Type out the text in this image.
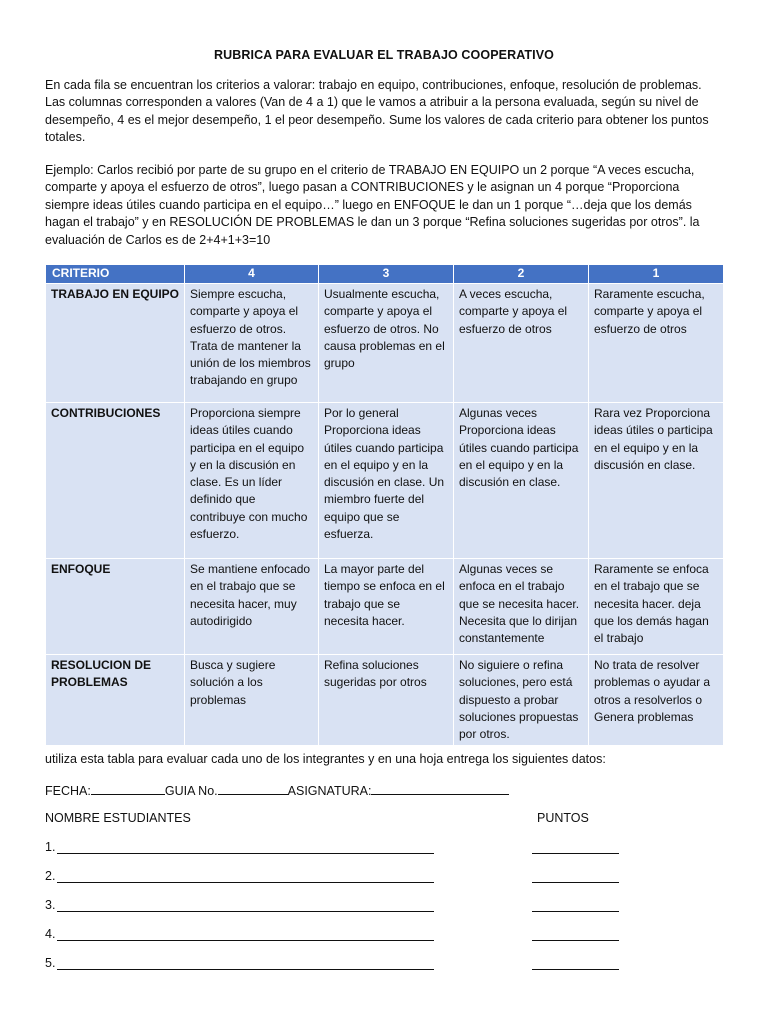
RUBRICA PARA EVALUAR EL TRABAJO COOPERATIVO
En cada fila se encuentran los criterios a valorar: trabajo en equipo, contribuciones, enfoque, resolución de problemas. Las columnas corresponden a valores (Van de 4 a 1) que le vamos a atribuir a la persona evaluada, según su nivel de desempeño, 4 es el mejor desempeño, 1 el peor desempeño. Sume los valores de cada criterio para obtener los puntos totales.
Ejemplo: Carlos recibió por parte de su grupo en el criterio de TRABAJO EN EQUIPO un 2 porque “A veces escucha, comparte y apoya el esfuerzo de otros”, luego pasan a CONTRIBUCIONES y le asignan un 4 porque “Proporciona siempre ideas útiles cuando participa en el equipo…” luego en ENFOQUE le dan un 1 porque “…deja que los demás hagan el trabajo” y en RESOLUCIÓN DE PROBLEMAS le dan un 3 porque “Refina soluciones sugeridas por otros”. la evaluación de Carlos es de 2+4+1+3=10
CRITERIO	4	3	2	1
TRABAJO EN EQUIPO	Siempre escucha, comparte y apoya el esfuerzo de otros. Trata de mantener la unión de los miembros trabajando en grupo	Usualmente escucha, comparte y apoya el esfuerzo de otros. No causa problemas en el grupo	A veces escucha, comparte y apoya el esfuerzo de otros	Raramente escucha, comparte y apoya el esfuerzo de otros
CONTRIBUCIONES	Proporciona siempre ideas útiles cuando participa en el equipo y en la discusión en clase. Es un líder definido que contribuye con mucho esfuerzo.	Por lo general Proporciona ideas útiles cuando participa en el equipo y en la discusión en clase. Un miembro fuerte del equipo que se esfuerza.	Algunas veces Proporciona ideas útiles cuando participa en el equipo y en la discusión en clase.	Rara vez Proporciona ideas útiles o participa en el equipo y en la discusión en clase.
ENFOQUE	Se mantiene enfocado en el trabajo que se necesita hacer, muy autodirigido	La mayor parte del tiempo se enfoca en el trabajo que se necesita hacer.	Algunas veces se enfoca en el trabajo que se necesita hacer. Necesita que lo dirijan constantemente	Raramente se enfoca en el trabajo que se necesita hacer. deja que los demás hagan el trabajo
RESOLUCION DE PROBLEMAS	Busca y sugiere solución a los problemas	Refina soluciones sugeridas por otros	No siguiere o refina soluciones, pero está dispuesto a probar soluciones propuestas por otros.	No trata de resolver problemas o ayudar a otros a resolverlos o Genera problemas
utiliza esta tabla para evaluar cada uno de los integrantes y en una hoja entrega los siguientes datos:
FECHA:	GUIA No.	ASIGNATURA:
NOMBRE ESTUDIANTES	PUNTOS
1.
2.
3.
4.
5.
